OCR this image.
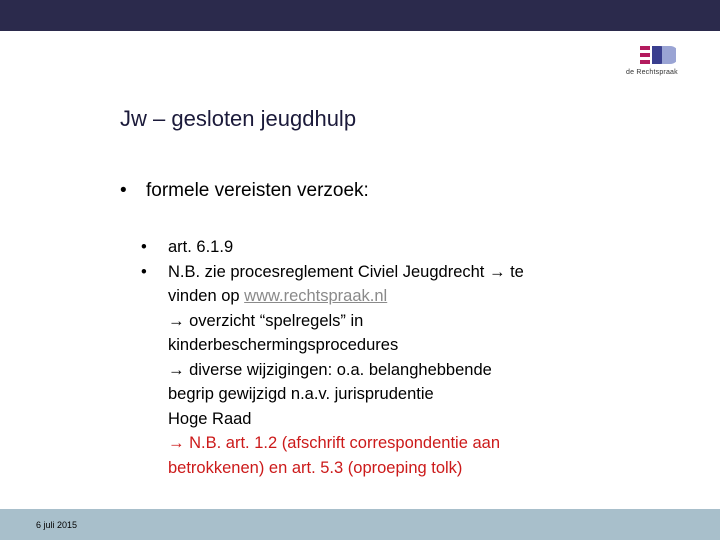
de Rechtspraak
Jw – gesloten jeugdhulp
• formele vereisten verzoek:
•	art. 6.1.9
•	N.B. zie procesreglement Civiel Jeugdrecht → te
vinden op www.rechtspraak.nl
→ overzicht “spelregels” in
kinderbeschermingsprocedures
→ diverse wijzigingen: o.a. belanghebbende
begrip gewijzigd n.a.v. jurisprudentie
Hoge Raad
→ N.B. art. 1.2 (afschrift correspondentie aan
betrokkenen) en art. 5.3 (oproeping tolk)
6 juli 2015
